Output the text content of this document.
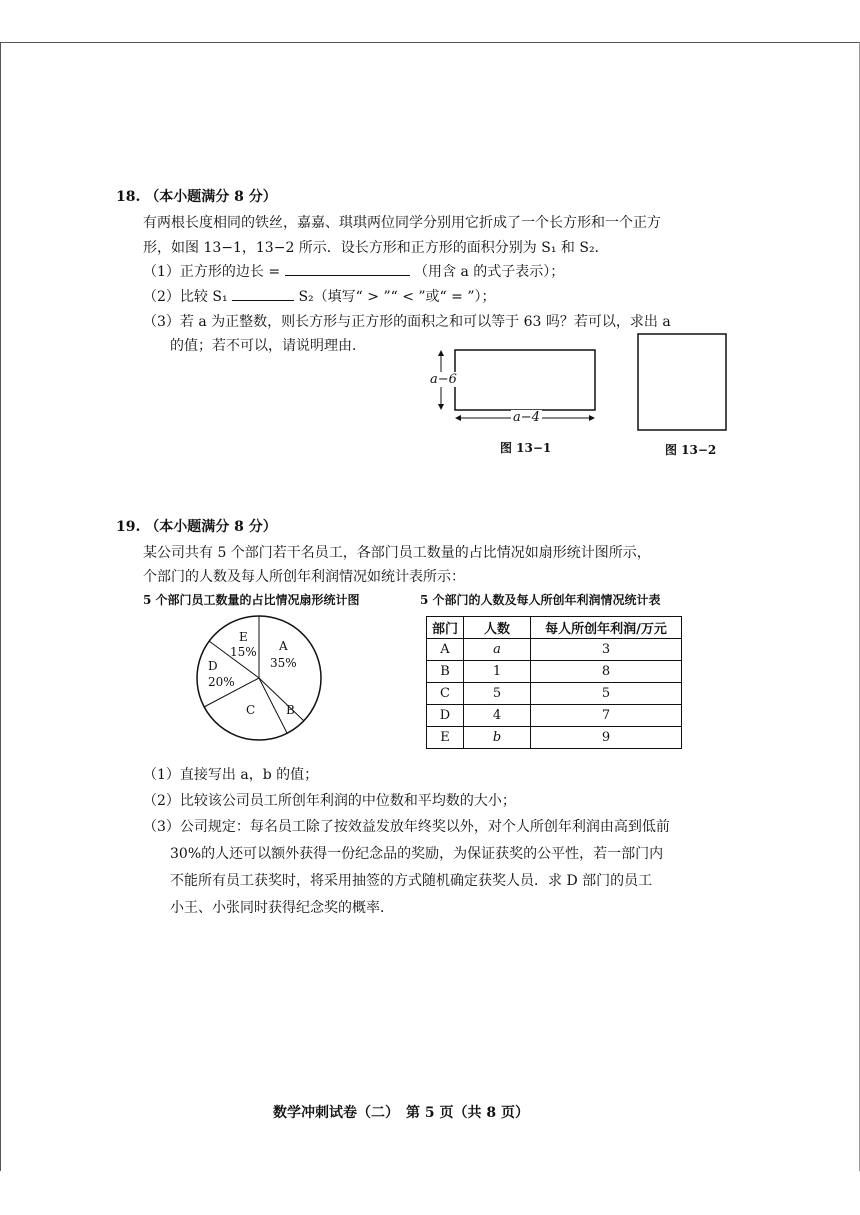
18. （本小题满分 8 分）
有两根长度相同的铁丝，嘉嘉、琪琪两位同学分别用它折成了一个长方形和一个正方
形，如图 13−1，13−2 所示．设长方形和正方形的面积分别为 S₁ 和 S₂．
（1）正方形的边长 =	（用含 a 的式子表示）；
（2）比较 S₁	S₂（填写“ > ”“ < ”或“ = ”）；
（3）若 a 为正整数，则长方形与正方形的面积之和可以等于 63 吗？若可以，求出 a
的值；若不可以，请说明理由．
a−6
a−4
图 13−1	图 13−2
19. （本小题满分 8 分）
某公司共有 5 个部门若干名员工，各部门员工数量的占比情况如扇形统计图所示，
个部门的人数及每人所创年利润情况如统计表所示：
5 个部门员工数量的占比情况扇形统计图	5 个部门的人数及每人所创年利润情况统计表
E
15%	A
35%
D
20%
C	B
部门	人数	每人所创年利润/万元
A	a	3
B	1	8
C	5	5
D	4	7
E	b	9
（1）直接写出 a，b 的值；
（2）比较该公司员工所创年利润的中位数和平均数的大小；
（3）公司规定：每名员工除了按效益发放年终奖以外，对个人所创年利润由高到低前
30%的人还可以额外获得一份纪念品的奖励，为保证获奖的公平性，若一部门内
不能所有员工获奖时，将采用抽签的方式随机确定获奖人员．求 D 部门的员工
小王、小张同时获得纪念奖的概率．
数学冲刺试卷（二）　第 5 页（共 8 页）
